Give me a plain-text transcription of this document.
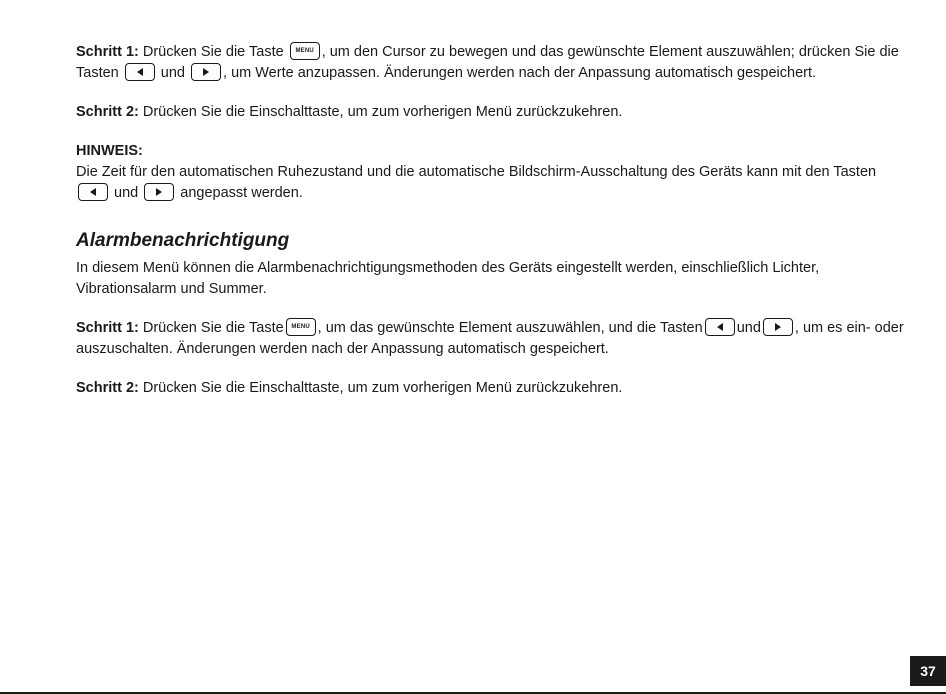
Schritt 1: Drücken Sie die Taste MENU , um den Cursor zu bewegen und das gewünschte Element auszuwählen; drücken Sie die Tasten	und	, um Werte anzupassen. Änderungen werden nach der Anpassung automatisch gespeichert.

Schritt 2: Drücken Sie die Einschalttaste, um zum vorherigen Menü zurückzukehren.

HINWEIS:

Die Zeit für den automatischen Ruhezustand und die automatische Bildschirm-Ausschaltung des Geräts kann mit den Tasten
und	angepasst werden.

Alarmbenachrichtigung

In diesem Menü können die Alarmbenachrichtigungsmethoden des Geräts eingestellt werden, einschließlich Lichter, Vibrationsalarm und Summer.

Schritt 1: Drücken Sie die Taste MENU , um das gewünschte Element auszuwählen, und die Tasten und , um es ein- oder auszuschalten. Änderungen werden nach der Anpassung automatisch gespeichert.

Schritt 2: Drücken Sie die Einschalttaste, um zum vorherigen Menü zurückzukehren.

37
